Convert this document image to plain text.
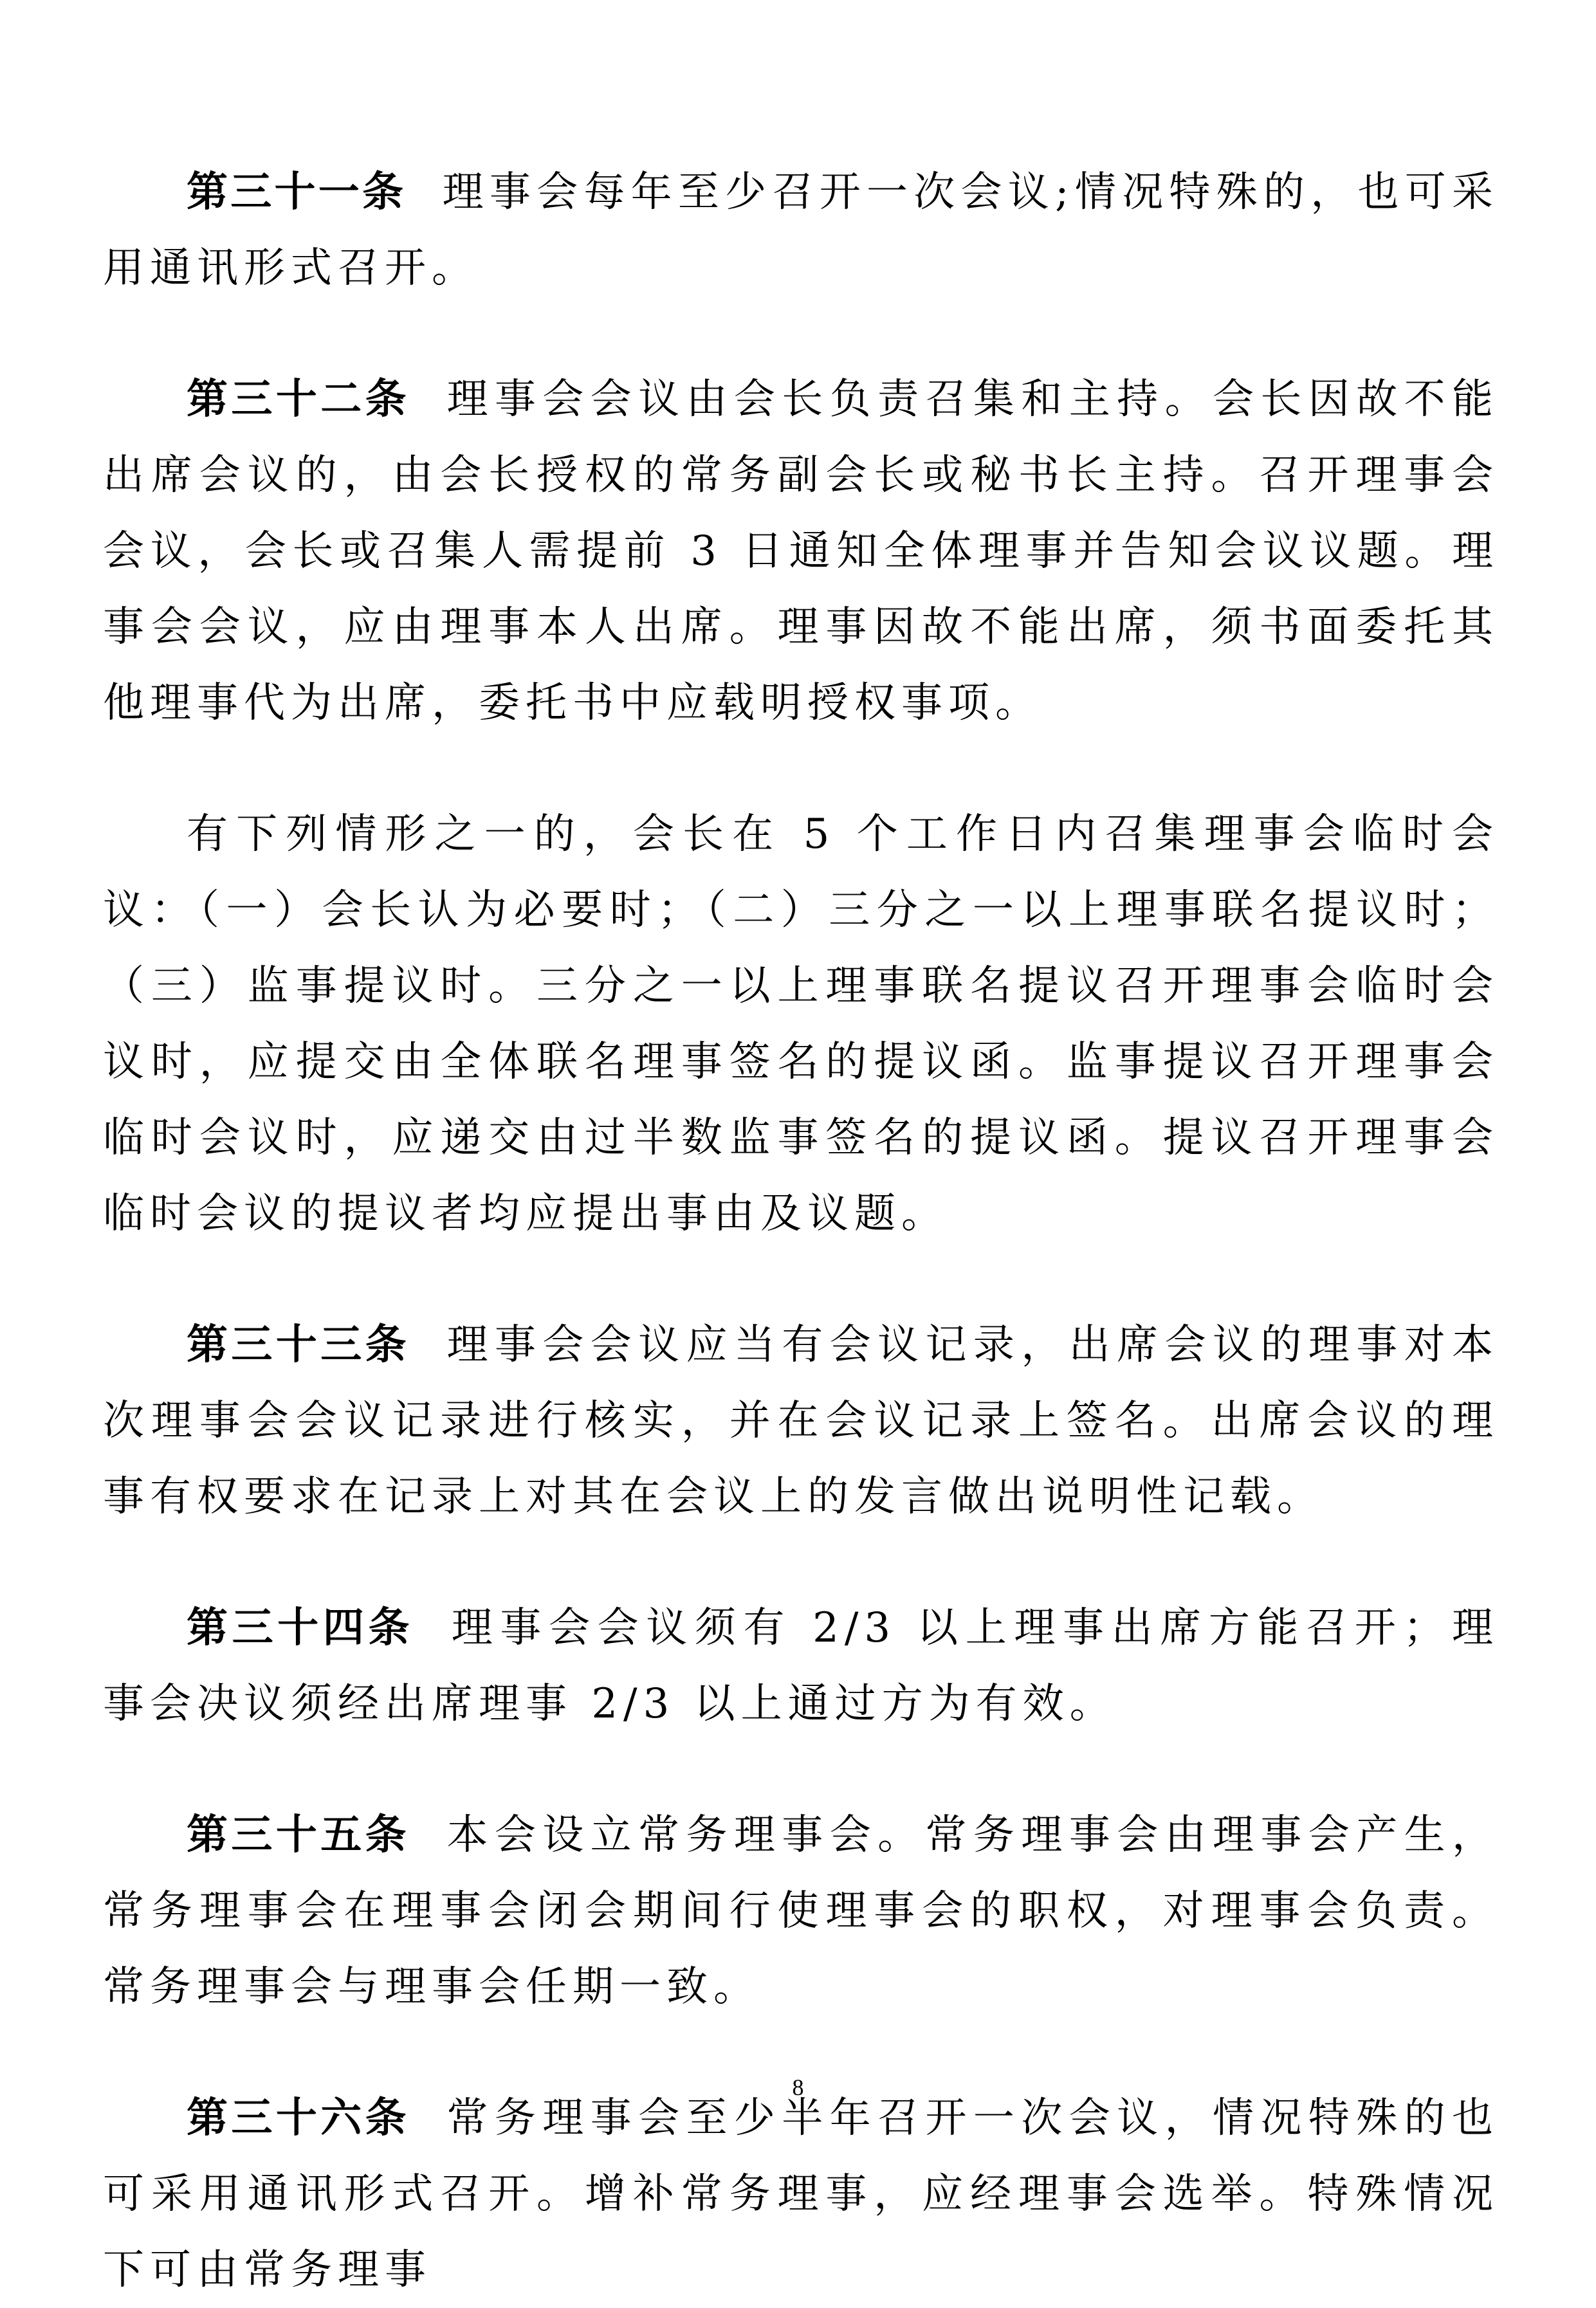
第三十一条 理事会每年至少召开一次会议;情况特殊的，也可采用通讯形式召开。

第三十二条 理事会会议由会长负责召集和主持。会长因故不能出席会议的，由会长授权的常务副会长或秘书长主持。召开理事会会议，会长或召集人需提前 3 日通知全体理事并告知会议议题。理事会会议，应由理事本人出席。理事因故不能出席，须书面委托其他理事代为出席，委托书中应载明授权事项。

有下列情形之一的，会长在 5 个工作日内召集理事会临时会议：（一）会长认为必要时；（二）三分之一以上理事联名提议时；（三）监事提议时。三分之一以上理事联名提议召开理事会临时会议时，应提交由全体联名理事签名的提议函。监事提议召开理事会临时会议时，应递交由过半数监事签名的提议函。提议召开理事会临时会议的提议者均应提出事由及议题。

第三十三条 理事会会议应当有会议记录，出席会议的理事对本次理事会会议记录进行核实，并在会议记录上签名。出席会议的理事有权要求在记录上对其在会议上的发言做出说明性记载。

第三十四条 理事会会议须有 2/3 以上理事出席方能召开；理事会决议须经出席理事 2/3 以上通过方为有效。

第三十五条 本会设立常务理事会。常务理事会由理事会产生，常务理事会在理事会闭会期间行使理事会的职权，对理事会负责。常务理事会与理事会任期一致。

第三十六条 常务理事会至少半年召开一次会议，情况特殊的也可采用通讯形式召开。增补常务理事，应经理事会选举。特殊情况下可由常务理事

8
